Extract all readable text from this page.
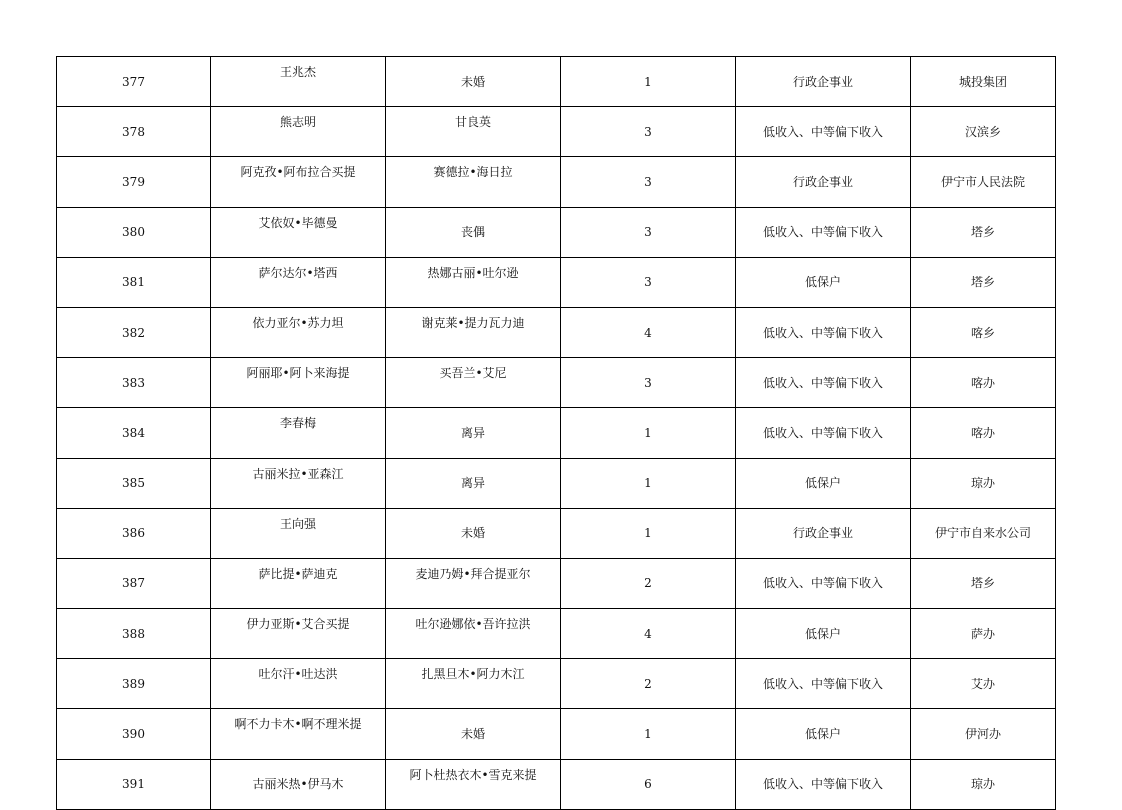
377	王兆杰	未婚	1	行政企事业	城投集团
378	熊志明	甘良英	3	低收入、中等偏下收入	汉滨乡
379	阿克孜•阿布拉合买提	赛德拉•海日拉	3	行政企事业	伊宁市人民法院
380	艾依奴•毕德曼	丧偶	3	低收入、中等偏下收入	塔乡
381	萨尔达尔•塔西	热娜古丽•吐尔逊	3	低保户	塔乡
382	依力亚尔•苏力坦	谢克莱•提力瓦力迪	4	低收入、中等偏下收入	喀乡
383	阿丽耶•阿卜来海提	买吾兰•艾尼	3	低收入、中等偏下收入	喀办
384	李春梅	离异	1	低收入、中等偏下收入	喀办
385	古丽米拉•亚森江	离异	1	低保户	琼办
386	王向强	未婚	1	行政企事业	伊宁市自来水公司
387	萨比提•萨迪克	麦迪乃姆•拜合提亚尔	2	低收入、中等偏下收入	塔乡
388	伊力亚斯•艾合买提	吐尔逊娜依•吾许拉洪	4	低保户	萨办
389	吐尔汗•吐达洪	扎黑旦木•阿力木江	2	低收入、中等偏下收入	艾办
390	啊不力卡木•啊不理米提	未婚	1	低保户	伊河办
391	古丽米热•伊马木	阿卜杜热衣木•雪克来提	6	低收入、中等偏下收入	琼办
